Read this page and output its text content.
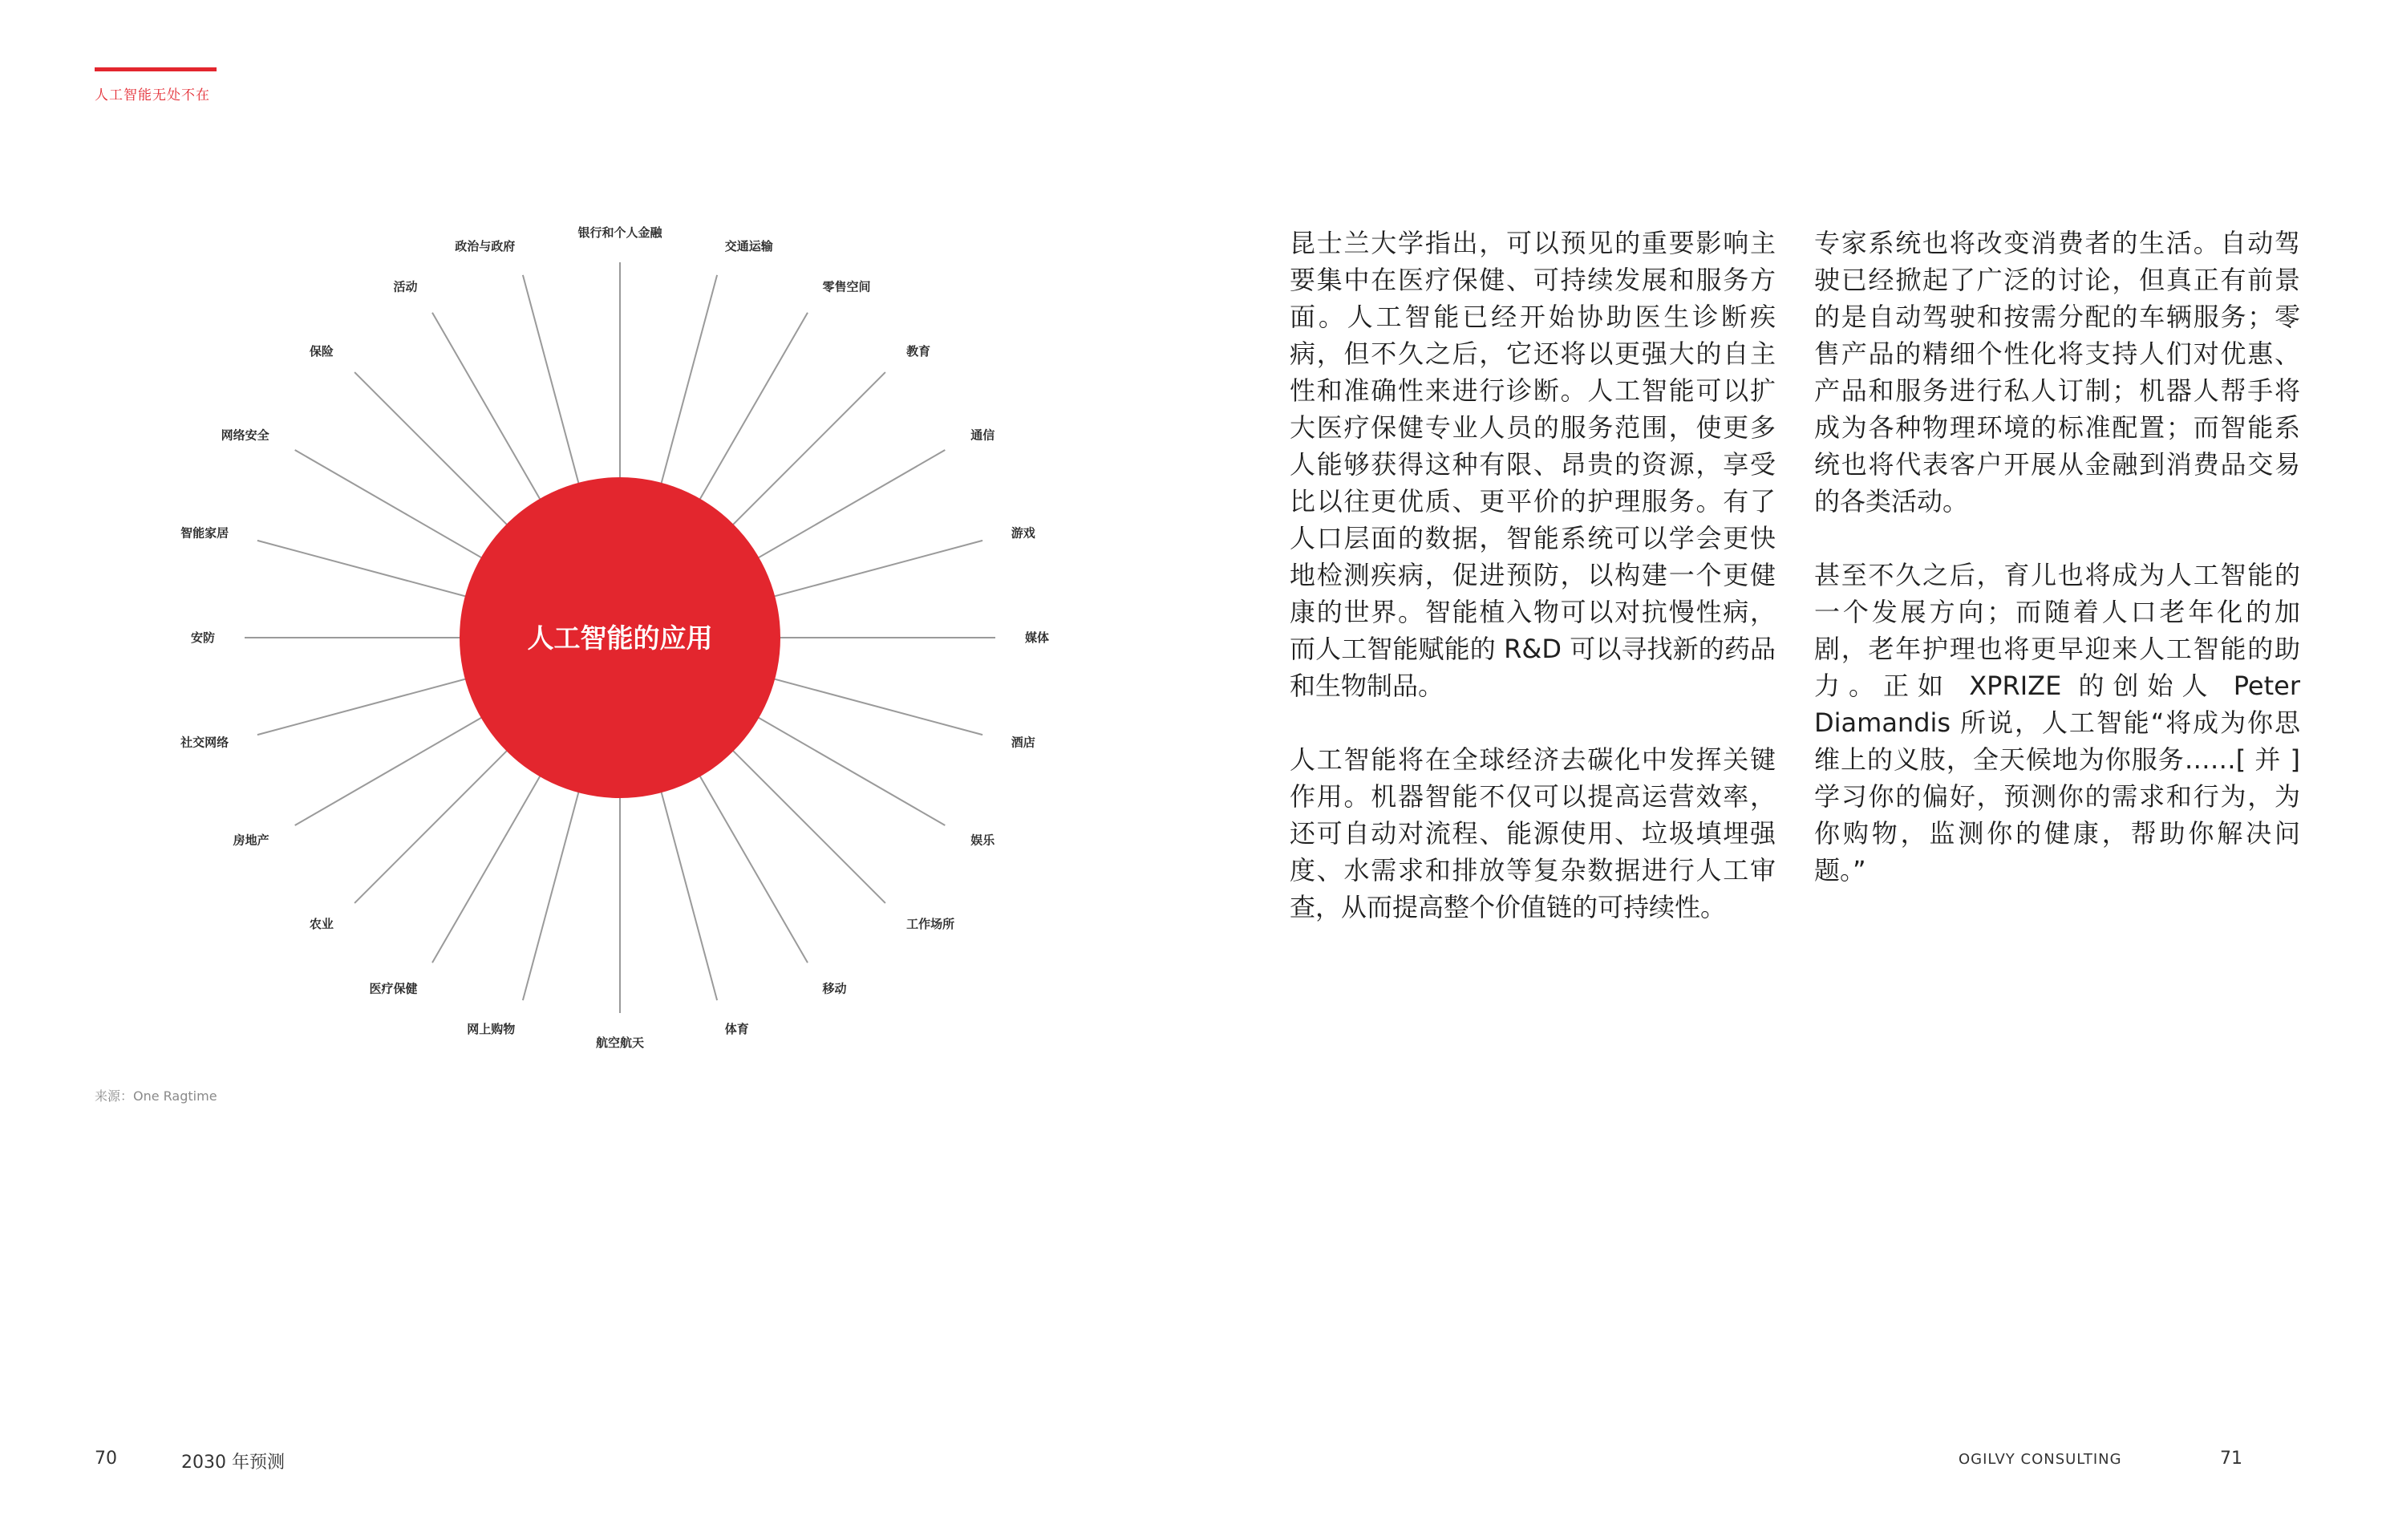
人工智能无处不在
人工智能的应用
银行和个人金融
交通运输
零售空间
教育
通信
游戏
媒体
酒店
娱乐
工作场所
移动
体育
航空航天
网上购物
医疗保健
农业
房地产
社交网络
安防
智能家居
网络安全
保险
活动
政治与政府
来源：One Ragtime

昆士兰大学指出，可以预见的重要影响主要集中在医疗保健、可持续发展和服务方面。人工智能已经开始协助医生诊断疾病，但不久之后，它还将以更强大的自主性和准确性来进行诊断。人工智能可以扩大医疗保健专业人员的服务范围，使更多人能够获得这种有限、昂贵的资源，享受比以往更优质、更平价的护理服务。有了人口层面的数据，智能系统可以学会更快地检测疾病，促进预防，以构建一个更健康的世界。智能植入物可以对抗慢性病，而人工智能赋能的 R&D 可以寻找新的药品和生物制品。

人工智能将在全球经济去碳化中发挥关键作用。机器智能不仅可以提高运营效率，还可自动对流程、能源使用、垃圾填埋强度、水需求和排放等复杂数据进行人工审查，从而提高整个价值链的可持续性。

专家系统也将改变消费者的生活。自动驾驶已经掀起了广泛的讨论，但真正有前景的是自动驾驶和按需分配的车辆服务；零售产品的精细个性化将支持人们对优惠、产品和服务进行私人订制；机器人帮手将成为各种物理环境的标准配置；而智能系统也将代表客户开展从金融到消费品交易的各类活动。

甚至不久之后，育儿也将成为人工智能的一个发展方向；而随着人口老年化的加剧，老年护理也将更早迎来人工智能的助力。正如 XPRIZE 的创始人 Peter Diamandis 所说，人工智能“将成为你思维上的义肢，全天候地为你服务……[ 并 ] 学习你的偏好，预测你的需求和行为，为你购物，监测你的健康，帮助你解决问题。”

70	2030 年预测	OGILVY CONSULTING	71
